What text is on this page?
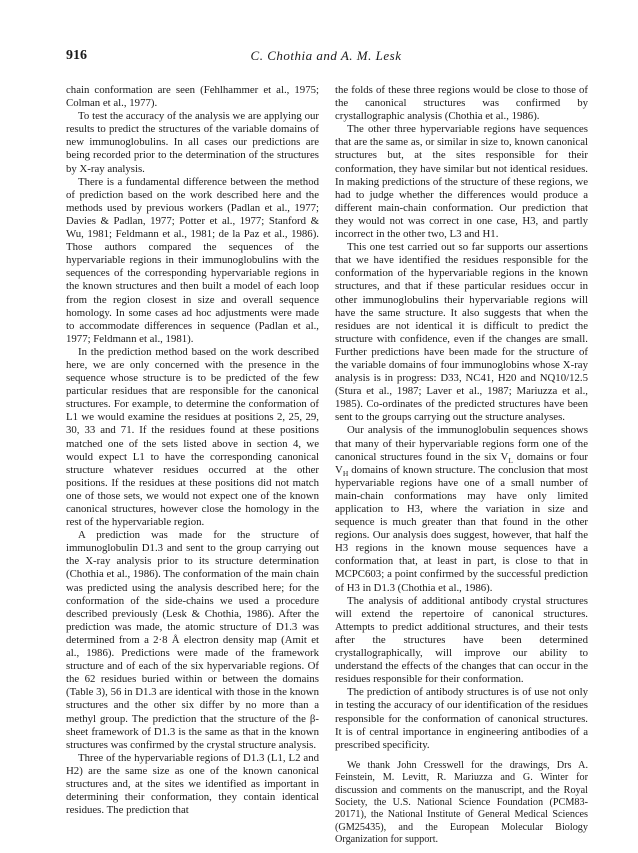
916	C. Chothia and A. M. Lesk

chain conformation are seen (Fehlhammer et al., 1975; Colman et al., 1977).

To test the accuracy of the analysis we are applying our results to predict the structures of the variable domains of new immunoglobulins. In all cases our predictions are being recorded prior to the determination of the structures by X-ray analysis.

There is a fundamental difference between the method of prediction based on the work described here and the methods used by previous workers (Padlan et al., 1977; Davies & Padlan, 1977; Potter et al., 1977; Stanford & Wu, 1981; Feldmann et al., 1981; de la Paz et al., 1986). Those authors compared the sequences of the hypervariable regions in their immunoglobulins with the sequences of the corresponding hypervariable regions in the known structures and then built a model of each loop from the region closest in size and overall sequence homology. In some cases ad hoc adjustments were made to accommodate differences in sequence (Padlan et al., 1977; Feldmann et al., 1981).

In the prediction method based on the work described here, we are only concerned with the presence in the sequence whose structure is to be predicted of the few particular residues that are responsible for the canonical structures. For example, to determine the conformation of L1 we would examine the residues at positions 2, 25, 29, 30, 33 and 71. If the residues found at these positions matched one of the sets listed above in section 4, we would expect L1 to have the corresponding canonical structure whatever residues occurred at the other positions. If the residues at these positions did not match one of those sets, we would not expect one of the known canonical structures, however close the homology in the rest of the hypervariable region.

A prediction was made for the structure of immunoglobulin D1.3 and sent to the group carrying out the X-ray analysis prior to its structure determination (Chothia et al., 1986). The conformation of the main chain was predicted using the analysis described here; for the conformation of the side-chains we used a procedure described previously (Lesk & Chothia, 1986). After the prediction was made, the atomic structure of D1.3 was determined from a 2·8 Å electron density map (Amit et al., 1986). Predictions were made of the framework structure and of each of the six hypervariable regions. Of the 62 residues buried within or between the domains (Table 3), 56 in D1.3 are identical with those in the known structures and the other six differ by no more than a methyl group. The prediction that the structure of the β-sheet framework of D1.3 is the same as that in the known structures was confirmed by the crystal structure analysis.

Three of the hypervariable regions of D1.3 (L1, L2 and H2) are the same size as one of the known canonical structures and, at the sites we identified as important in determining their conformation, they contain identical residues. The prediction that

the folds of these three regions would be close to those of the canonical structures was confirmed by crystallographic analysis (Chothia et al., 1986).

The other three hypervariable regions have sequences that are the same as, or similar in size to, known canonical structures but, at the sites responsible for their conformation, they have similar but not identical residues. In making predictions of the structure of these regions, we had to judge whether the differences would produce a different main-chain conformation. Our prediction that they would not was correct in one case, H3, and partly incorrect in the other two, L3 and H1.

This one test carried out so far supports our assertions that we have identified the residues responsible for the conformation of the hypervariable regions in the known structures, and that if these particular residues occur in other immunoglobulins their hypervariable regions will have the same structure. It also suggests that when the residues are not identical it is difficult to predict the structure with confidence, even if the changes are small. Further predictions have been made for the structure of the variable domains of four immunoglobins whose X-ray analysis is in progress: D33, NC41, H20 and NQ10/12.5 (Stura et al., 1987; Laver et al., 1987; Mariuzza et al., 1985). Co-ordinates of the predicted structures have been sent to the groups carrying out the structure analyses.

Our analysis of the immunoglobulin sequences shows that many of their hypervariable regions form one of the canonical structures found in the six $V_L$ domains or four $V_H$ domains of known structure. The conclusion that most hypervariable regions have one of a small number of main-chain conformations may have only limited application to H3, where the variation in size and sequence is much greater than that found in the other regions. Our analysis does suggest, however, that half the H3 regions in the known mouse sequences have a conformation that, at least in part, is close to that in MCPC603; a point confirmed by the successful prediction of H3 in D1.3 (Chothia et al., 1986).

The analysis of additional antibody crystal structures will extend the repertoire of canonical structures. Attempts to predict additional structures, and their tests after the structures have been determined crystallographically, will improve our ability to understand the effects of the changes that can occur in the residues responsible for their conformation.

The prediction of antibody structures is of use not only in testing the accuracy of our identification of the residues responsible for the conformation of canonical structures. It is of central importance in engineering antibodies of a prescribed specificity.

We thank John Cresswell for the drawings, Drs A. Feinstein, M. Levitt, R. Mariuzza and G. Winter for discussion and comments on the manuscript, and the Royal Society, the U.S. National Science Foundation (PCM83-20171), the National Institute of General Medical Sciences (GM25435), and the European Molecular Biology Organization for support.
